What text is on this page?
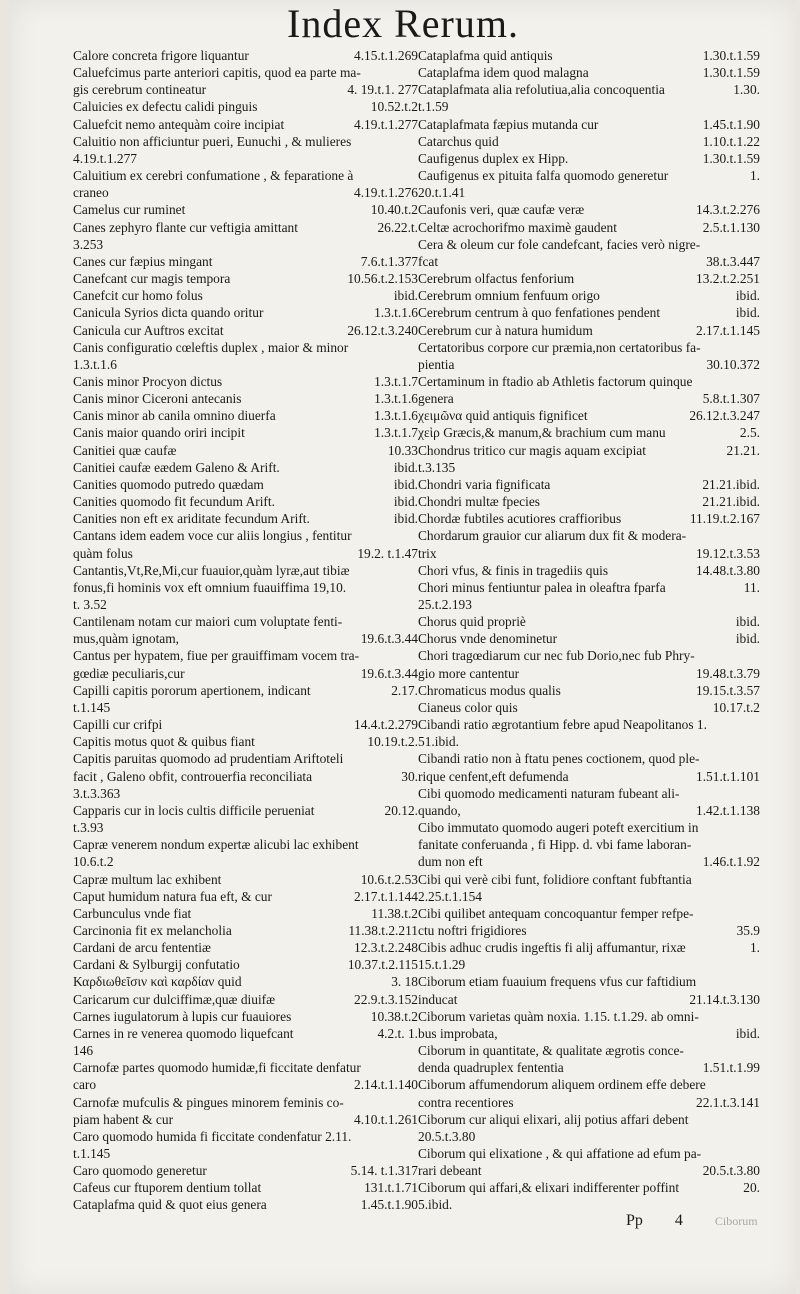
Index Rerum.
Calore concreta frigore liquantur	4.15.t.1.269
Caluefcimus parte anteriori capitis, quod ea parte ma-
gis cerebrum contineatur	4. 19.t.1. 277
Caluicies ex defectu calidi pinguis	10.52.t.2
Caluefcit nemo antequàm coire incipiat	4.19.t.1.277
Caluitio non afficiuntur pueri, Eunuchi , & mulieres
4.19.t.1.277
Caluitium ex cerebri confumatione , & feparatione à
craneo	4.19.t.1.276
Camelus cur ruminet	10.40.t.2
Canes zephyro flante cur veftigia amittant	26.22.t.
3.253
Canes cur fæpius mingant	7.6.t.1.377
Canefcant cur magis tempora	10.56.t.2.153
Canefcit cur homo folus	ibid.
Canicula Syrios dicta quando oritur	1.3.t.1.6
Canicula cur Auftros excitat	26.12.t.3.240
Canis configuratio cœleftis duplex , maior & minor
1.3.t.1.6
Canis minor Procyon dictus	1.3.t.1.7
Canis minor Ciceroni antecanis	1.3.t.1.6
Canis minor ab canila omnino diuerfa	1.3.t.1.6
Canis maior quando oriri incipit	1.3.t.1.7
Canitiei quæ caufæ	10.33
Canitiei caufæ eædem Galeno & Arift.	ibid.
Canities quomodo putredo quædam	ibid.
Canities quomodo fit fecundum Arift.	ibid.
Canities non eft ex ariditate fecundum Arift.	ibid.
Cantans idem eadem voce cur aliis longius , fentitur
quàm folus	19.2. t.1.47
Cantantis,Vt,Re,Mi,cur fuauior,quàm lyræ,aut tibiæ
fonus,fi hominis vox eft omnium fuauiffima 19,10.
t. 3.52
Cantilenam notam cur maiori cum voluptate fenti-
mus,quàm ignotam,	19.6.t.3.44
Cantus per hypatem, fiue per grauiffimam vocem tra-
gœdiæ peculiaris,cur	19.6.t.3.44
Capilli capitis pororum apertionem, indicant	2.17.
t.1.145
Capilli cur crifpi	14.4.t.2.279
Capitis motus quot & quibus fiant	10.19.t.2.
Capitis paruitas quomodo ad prudentiam Ariftoteli
facit , Galeno obfit, controuerfia reconciliata	30.
3.t.3.363
Capparis cur in locis cultis difficile perueniat	20.12.
t.3.93
Capræ venerem nondum expertæ alicubi lac exhibent
10.6.t.2
Capræ multum lac exhibent	10.6.t.2.53
Caput humidum natura fua eft, & cur	2.17.t.1.144
Carbunculus vnde fiat	11.38.t.2
Carcinonia fit ex melancholia	11.38.t.2.211
Cardani de arcu fententiæ	12.3.t.2.248
Cardani & Sylburgij confutatio	10.37.t.2.115
Καρδιωθεῖσιν καὶ καρδίαν quid	3. 18
Caricarum cur dulciffimæ,quæ diuifæ	22.9.t.3.152
Carnes iugulatorum à lupis cur fuauiores	10.38.t.2
Carnes in re venerea quomodo liquefcant	4.2.t. 1.
146
Carnofæ partes quomodo humidæ,fi ficcitate denfatur
caro	2.14.t.1.140
Carnofæ mufculis & pingues minorem feminis co-
piam habent & cur	4.10.t.1.261
Caro quomodo humida fi ficcitate condenfatur 2.11.
t.1.145
Caro quomodo generetur	5.14. t.1.317
Cafeus cur ftuporem dentium tollat	131.t.1.71
Cataplafma quid & quot eius genera	1.45.t.1.90
Cataplafma quid antiquis	1.30.t.1.59
Cataplafma idem quod malagna	1.30.t.1.59
Cataplafmata alia refolutiua,alia concoquentia	1.30.
t.1.59
Cataplafmata fæpius mutanda cur	1.45.t.1.90
Catarchus quid	1.10.t.1.22
Caufigenus duplex ex Hipp.	1.30.t.1.59
Caufigenus ex pituita falfa quomodo generetur	1.
20.t.1.41
Caufonis veri, quæ caufæ veræ	14.3.t.2.276
Celtæ acrochorifmo maximè gaudent	2.5.t.1.130
Cera & oleum cur fole candefcant, facies verò nigre-
fcat	38.t.3.447
Cerebrum olfactus fenforium	13.2.t.2.251
Cerebrum omnium fenfuum origo	ibid.
Cerebrum centrum à quo fenfationes pendent	ibid.
Cerebrum cur à natura humidum	2.17.t.1.145
Certatoribus corpore cur præmia,non certatoribus fa-
pientia	30.10.372
Certaminum in ftadio ab Athletis factorum quinque
genera	5.8.t.1.307
χειμῶνα quid antiquis fignificet	26.12.t.3.247
χεὶρ Græcis,& manum,& brachium cum manu	2.5.
Chondrus tritico cur magis aquam excipiat	21.21.
t.3.135
Chondri varia fignificata	21.21.ibid.
Chondri multæ fpecies	21.21.ibid.
Chordæ fubtiles acutiores craffioribus	11.19.t.2.167
Chordarum grauior cur aliarum dux fit & modera-
trix	19.12.t.3.53
Chori vfus, & finis in tragediis quis	14.48.t.3.80
Chori minus fentiuntur palea in oleaftra fparfa	11.
25.t.2.193
Chorus quid propriè	ibid.
Chorus vnde denominetur	ibid.
Chori tragœdiarum cur nec fub Dorio,nec fub Phry-
gio more cantentur	19.48.t.3.79
Chromaticus modus qualis	19.15.t.3.57
Cianeus color quis	10.17.t.2
Cibandi ratio ægrotantium febre apud Neapolitanos 1.
51.ibid.
Cibandi ratio non à ftatu penes coctionem, quod ple-
rique cenfent,eft defumenda	1.51.t.1.101
Cibi quomodo medicamenti naturam fubeant ali-
quando,	1.42.t.1.138
Cibo immutato quomodo augeri poteft exercitium in
fanitate conferuanda , fi Hipp. d. vbi fame laboran-
dum non eft	1.46.t.1.92
Cibi qui verè cibi funt, folidiore conftant fubftantia
2.25.t.1.154
Cibi quilibet antequam concoquantur femper refpe-
ctu noftri frigidiores	35.9
Cibis adhuc crudis ingeftis fi alij affumantur, rixæ	1.
15.t.1.29
Ciborum etiam fuauium frequens vfus cur faftidium
inducat	21.14.t.3.130
Ciborum varietas quàm noxia. 1.15. t.1.29. ab omni-
bus improbata,	ibid.
Ciborum in quantitate, & qualitate ægrotis conce-
denda quadruplex fententia	1.51.t.1.99
Ciborum affumendorum aliquem ordinem effe debere
contra recentiores	22.1.t.3.141
Ciborum cur aliqui elixari, alij potius affari debent
20.5.t.3.80
Ciborum qui elixatione , & qui affatione ad efum pa-
rari debeant	20.5.t.3.80
Ciborum qui affari,& elixari indifferenter poffint	20.
5.ibid.
Pp 4	Ciborum
